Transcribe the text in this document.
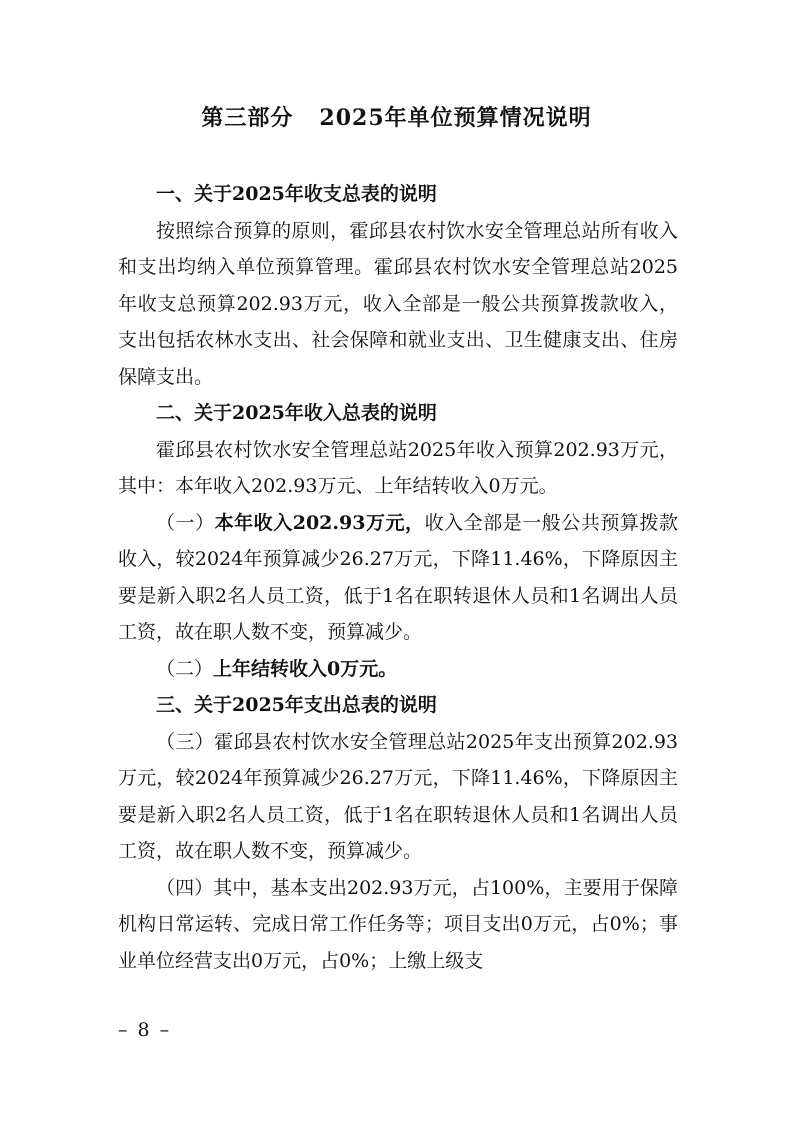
第三部分 2025年单位预算情况说明

一、关于2025年收支总表的说明

按照综合预算的原则，霍邱县农村饮水安全管理总站所有收入和支出均纳入单位预算管理。霍邱县农村饮水安全管理总站2025年收支总预算202.93万元，收入全部是一般公共预算拨款收入，支出包括农林水支出、社会保障和就业支出、卫生健康支出、住房保障支出。

二、关于2025年收入总表的说明

霍邱县农村饮水安全管理总站2025年收入预算202.93万元，其中：本年收入202.93万元、上年结转收入0万元。

（一）本年收入202.93万元，收入全部是一般公共预算拨款收入，较2024年预算减少26.27万元，下降11.46%，下降原因主要是新入职2名人员工资，低于1名在职转退休人员和1名调出人员工资，故在职人数不变，预算减少。

（二）上年结转收入0万元。

三、关于2025年支出总表的说明

（三）霍邱县农村饮水安全管理总站2025年支出预算202.93万元，较2024年预算减少26.27万元，下降11.46%，下降原因主要是新入职2名人员工资，低于1名在职转退休人员和1名调出人员工资，故在职人数不变，预算减少。

（四）其中，基本支出202.93万元，占100%，主要用于保障机构日常运转、完成日常工作任务等；项目支出0万元，占0%；事业单位经营支出0万元，占0%；上缴上级支

– 8 –
